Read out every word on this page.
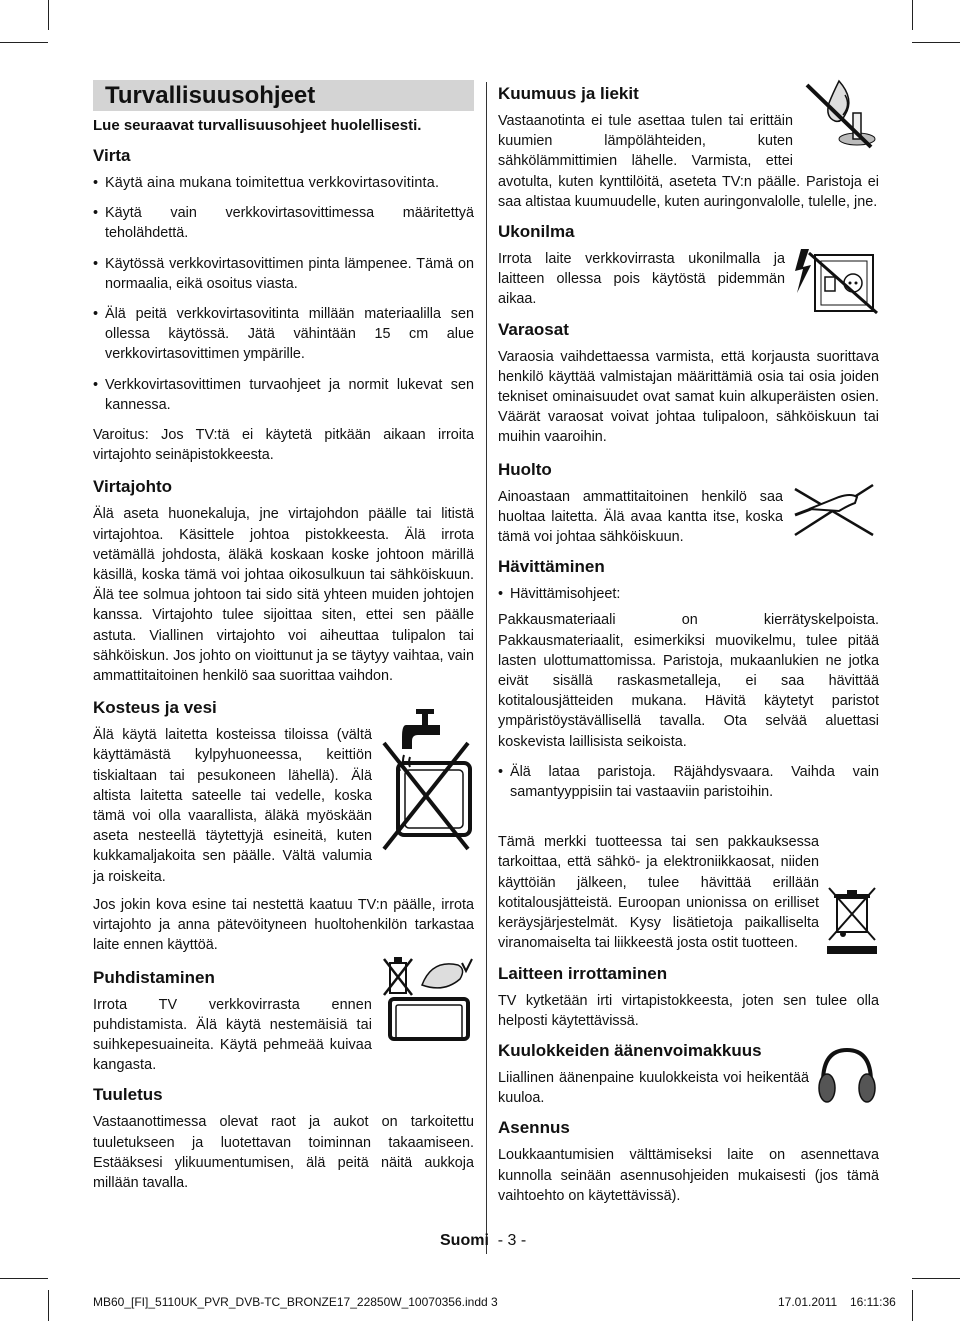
Turvallisuusohjeet
Lue seuraavat turvallisuusohjeet huolellisesti.
Virta
• Käytä aina mukana toimitettua verkkovirtasovitinta.
• Käytä vain verkkovirtasovittimessa määritettyä teholähdettä.
• Käytössä verkkovirtasovittimen pinta lämpenee. Tämä on normaalia, eikä osoitus viasta.
• Älä peitä verkkovirtasovitinta millään materiaalilla sen ollessa käytössä. Jätä vähintään 15 cm alue verkkovirtasovittimen ympärille.
• Verkkovirtasovittimen turvaohjeet ja normit lukevat sen kannessa.

Varoitus: Jos TV:tä ei käytetä pitkään aikaan irroita virtajohto seinäpistokkeesta.

Virtajohto

Älä aseta huonekaluja, jne virtajohdon päälle tai litistä virtajohtoa. Käsittele johtoa pistokkeesta. Älä irrota vetämällä johdosta, äläkä koskaan koske johtoon märillä käsillä, koska tämä voi johtaa oikosulkuun tai sähköiskuun. Älä tee solmua johtoon tai sido sitä yhteen muiden johtojen kanssa. Virtajohto tulee sijoittaa siten, ettei sen päälle astuta. Viallinen virtajohto voi aiheuttaa tulipalon tai sähköiskun. Jos johto on vioittunut ja se täytyy vaihtaa, vain ammattitaitoinen henkilö saa suorittaa vaihdon.

Kosteus ja vesi

Älä käytä laitetta kosteissa tiloissa (vältä käyttämästä kylpyhuoneessa, keittiön tiskialtaan tai pesukoneen lähellä). Älä altista laitetta sateelle tai vedelle, koska tämä voi olla vaarallista, äläkä myöskään aseta nesteellä täytettyjä esineitä, kuten kukkamaljakoita sen päälle. Vältä valumia ja roiskeita.

Jos jokin kova esine tai nestettä kaatuu TV:n päälle, irrota virtajohto ja anna pätevöityneen huoltohenkilön tarkastaa laite ennen käyttöä.

Puhdistaminen

Irrota TV verkkovirrasta ennen puhdistamista. Älä käytä nestemäisiä tai suihkepesuaineita. Käytä pehmeää kuivaa kangasta.

Tuuletus

Vastaanottimessa olevat raot ja aukot on tarkoitettu tuuletukseen ja luotettavan toiminnan takaamiseen. Estääksesi ylikuumentumisen, älä peitä näitä aukkoja millään tavalla.

Kuumuus ja liekit

Vastaanotinta ei tule asettaa tulen tai erittäin kuumien lämpölähteiden, kuten sähkölämmittimien lähelle. Varmista, ettei avotulta, kuten kynttilöitä, aseteta TV:n päälle. Paristoja ei saa altistaa kuumuudelle, kuten auringonvalolle, tulelle, jne.

Ukonilma

Irrota laite verkkovirrasta ukonilmalla ja laitteen ollessa pois käytöstä pidemmän aikaa.

Varaosat

Varaosia vaihdettaessa varmista, että korjausta suorittava henkilö käyttää valmistajan määrittämiä osia tai osia joiden tekniset ominaisuudet ovat samat kuin alkuperäisten osien. Väärät varaosat voivat johtaa tulipaloon, sähköiskuun tai muihin vaaroihin.

Huolto

Ainoastaan ammattitaitoinen henkilö saa huoltaa laitetta. Älä avaa kantta itse, koska tämä voi johtaa sähköiskuun.

Hävittäminen
• Hävittämisohjeet:

Pakkausmateriaali on kierrätyskelpoista. Pakkausmateriaalit, esimerkiksi muovikelmu, tulee pitää lasten ulottumattomissa. Paristoja, mukaanlukien ne jotka eivät sisällä raskasmetalleja, ei saa hävittää kotitalousjätteiden mukana. Hävitä käytetyt paristot ympäristöystävällisellä tavalla. Ota selvää aluettasi koskevista laillisista seikoista.

• Älä lataa paristoja. Räjähdysvaara. Vaihda vain samantyyppisiin tai vastaaviin paristoihin.

Tämä merkki tuotteessa tai sen pakkauksessa tarkoittaa, että sähkö- ja elektroniikkaosat, niiden käyttöiän jälkeen, tulee hävittää erillään kotitalousjätteistä. Euroopan unionissa on erilliset keräysjärjestelmät. Kysy lisätietoja paikalliselta viranomaiselta tai liikkeestä josta ostit tuotteen.

Laitteen irrottaminen

TV kytketään irti virtapistokkeesta, joten sen tulee olla helposti käytettävissä.

Kuulokkeiden äänenvoimakkuus

Liiallinen äänenpaine kuulokkeista voi heikentää kuuloa.

Asennus

Loukkaantumisien välttämiseksi laite on asennettava kunnolla seinään asennusohjeiden mukaisesti (jos tämä vaihtoehto on käytettävissä).

Suomi - 3 -
MB60_[FI]_5110UK_PVR_DVB-TC_BRONZE17_22850W_10070356.indd 3	17.01.2011 16:11:36
